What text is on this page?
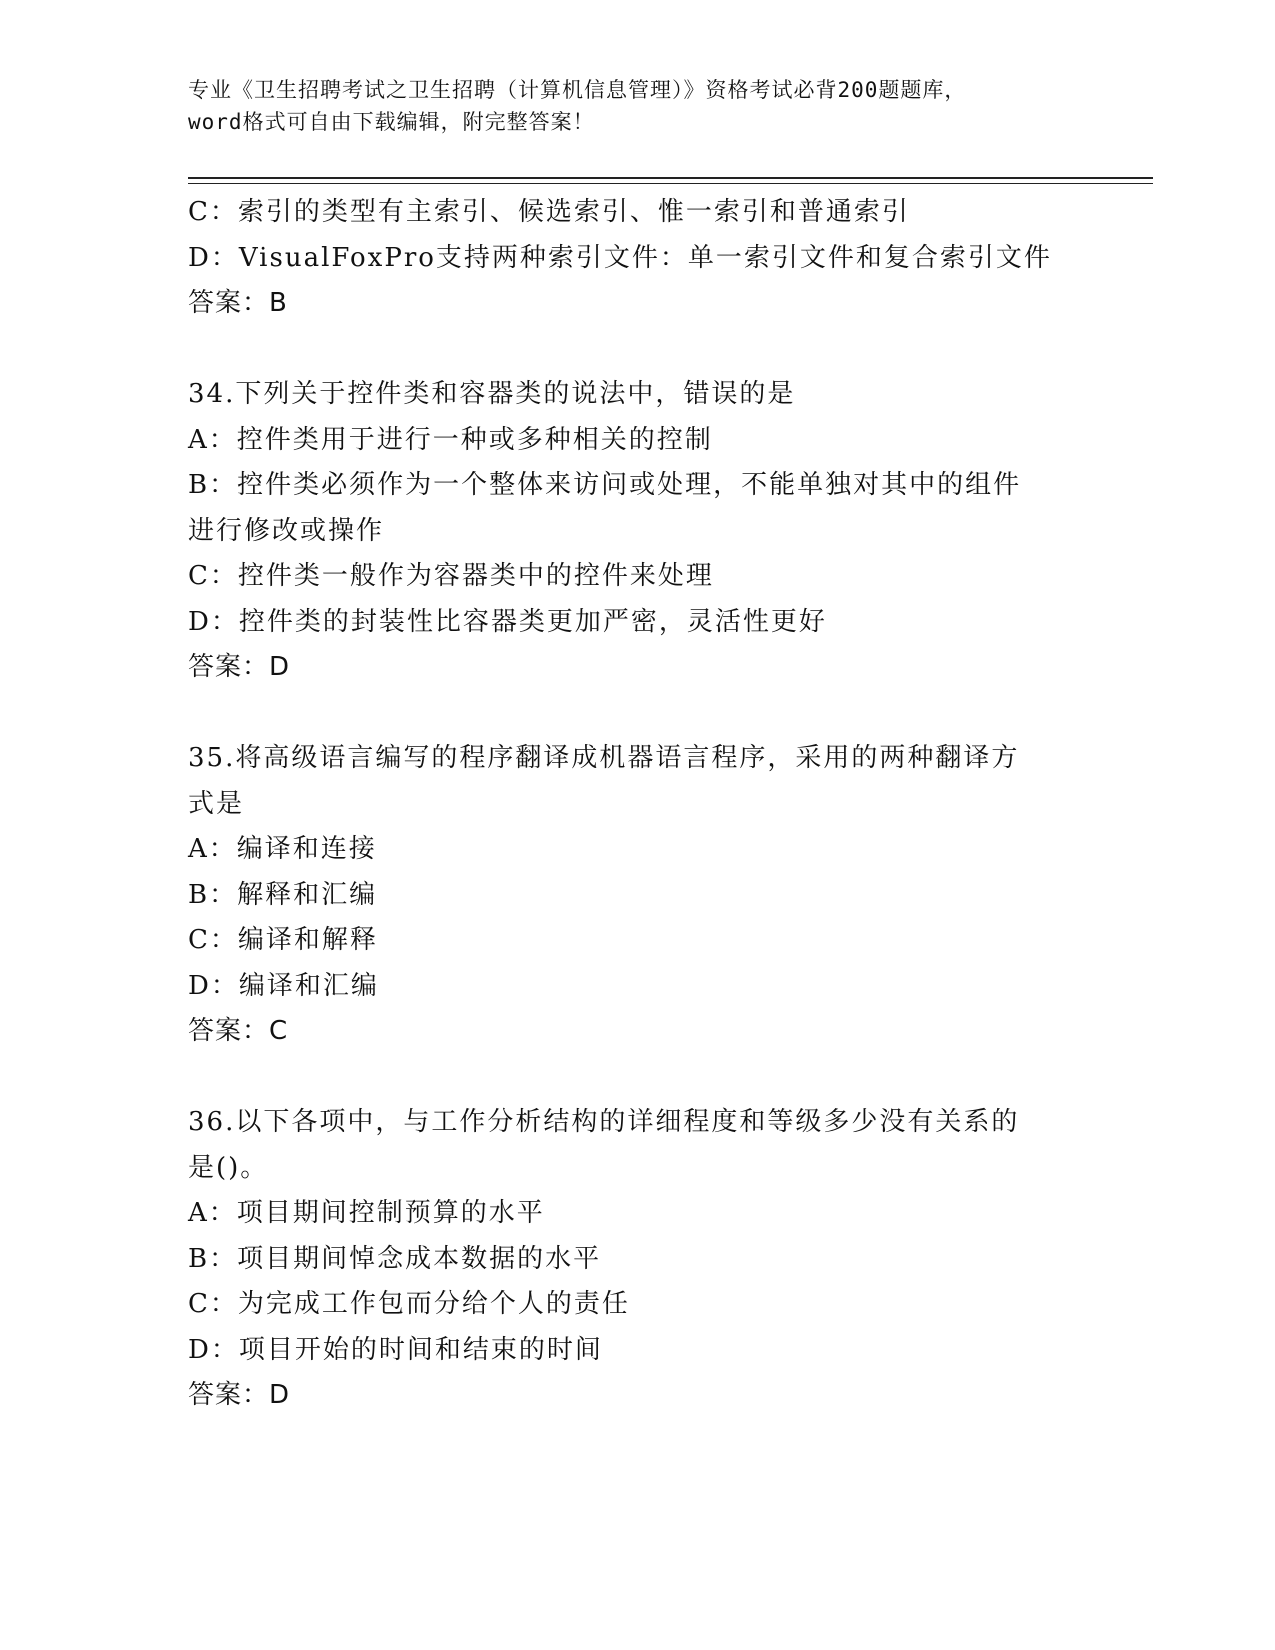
专业《卫生招聘考试之卫生招聘（计算机信息管理）》资格考试必背200题题库，
word格式可自由下载编辑，附完整答案！
C：索引的类型有主索引、候选索引、惟一索引和普通索引
D：VisualFoxPro支持两种索引文件：单一索引文件和复合索引文件
答案：B
34.下列关于控件类和容器类的说法中，错误的是
A：控件类用于进行一种或多种相关的控制
B：控件类必须作为一个整体来访问或处理，不能单独对其中的组件进行修改或操作
C：控件类一般作为容器类中的控件来处理
D：控件类的封装性比容器类更加严密，灵活性更好
答案：D
35.将高级语言编写的程序翻译成机器语言程序，采用的两种翻译方式是
A：编译和连接
B：解释和汇编
C：编译和解释
D：编译和汇编
答案：C
36.以下各项中，与工作分析结构的详细程度和等级多少没有关系的是()。
A：项目期间控制预算的水平
B：项目期间悼念成本数据的水平
C：为完成工作包而分给个人的责任
D：项目开始的时间和结束的时间
答案：D
